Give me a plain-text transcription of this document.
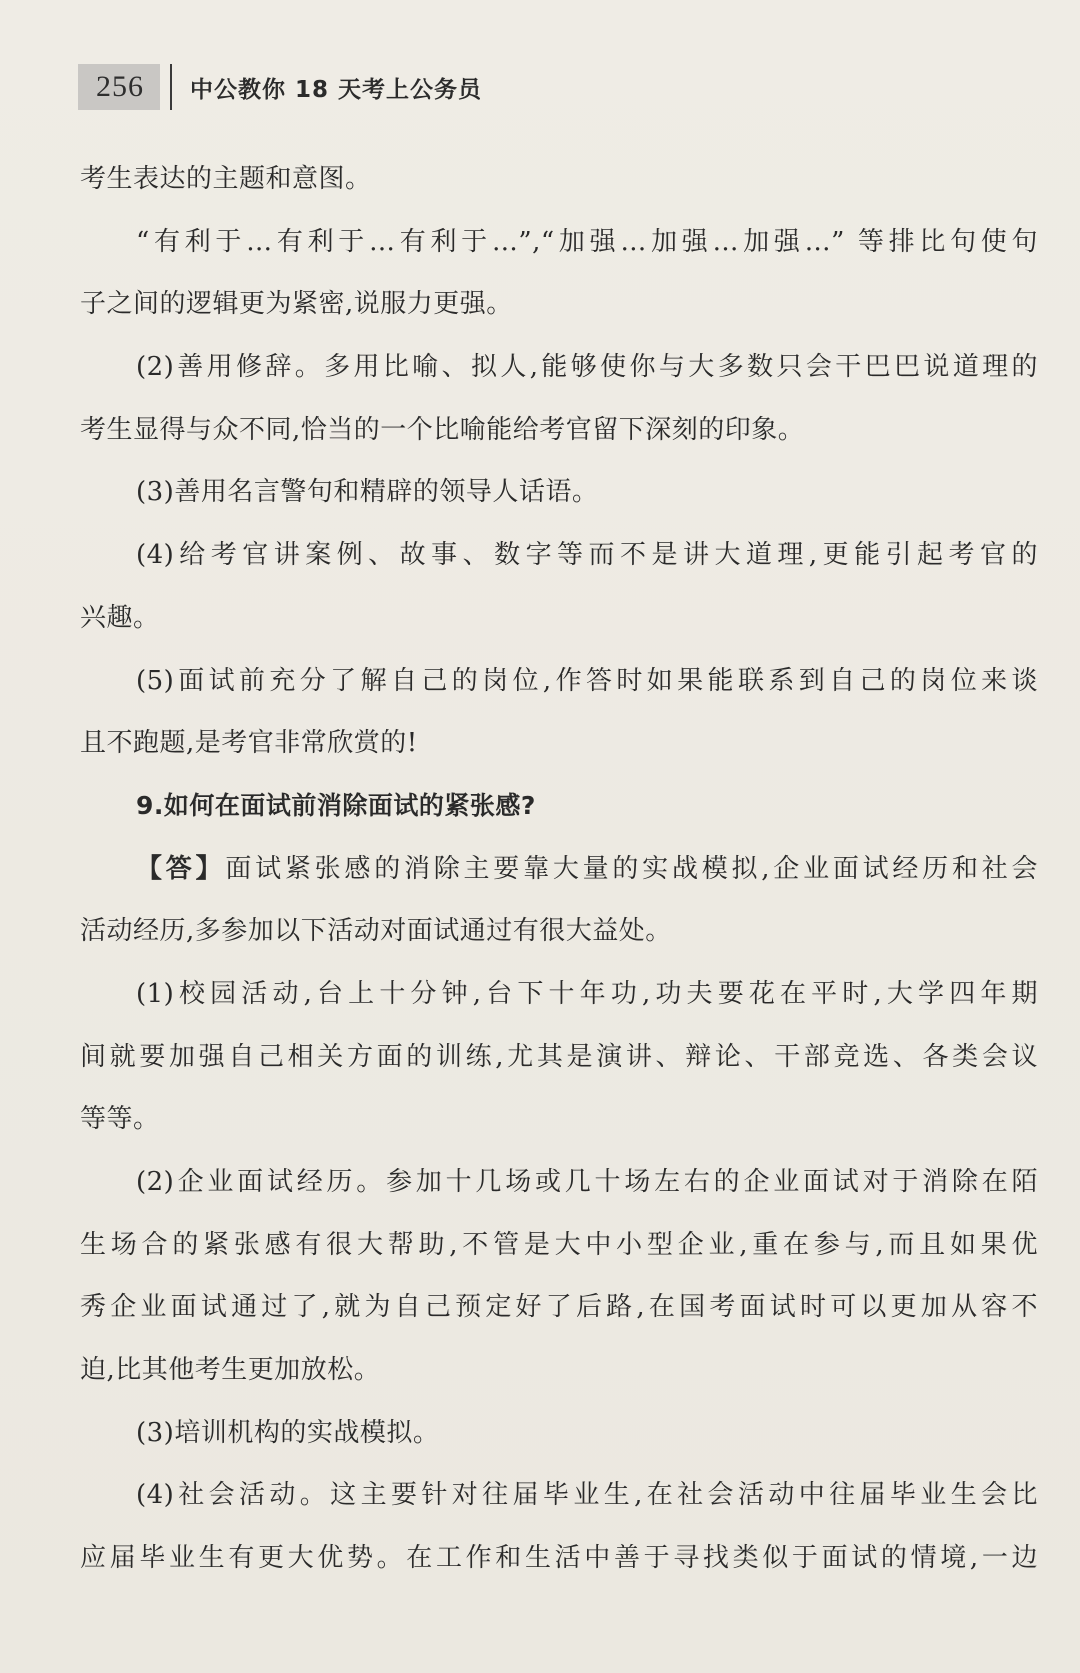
256	中公教你 18 天考上公务员
考生表达的主题和意图。
“有利于…有利于…有利于…”,“加强…加强…加强…” 等排比句使句
子之间的逻辑更为紧密,说服力更强。
(2)善用修辞。多用比喻、拟人,能够使你与大多数只会干巴巴说道理的
考生显得与众不同,恰当的一个比喻能给考官留下深刻的印象。
(3)善用名言警句和精辟的领导人话语。
(4)给考官讲案例、故事、数字等而不是讲大道理,更能引起考官的
兴趣。
(5)面试前充分了解自己的岗位,作答时如果能联系到自己的岗位来谈
且不跑题,是考官非常欣赏的!
9.如何在面试前消除面试的紧张感?
【答】面试紧张感的消除主要靠大量的实战模拟,企业面试经历和社会
活动经历,多参加以下活动对面试通过有很大益处。
(1)校园活动,台上十分钟,台下十年功,功夫要花在平时,大学四年期
间就要加强自己相关方面的训练,尤其是演讲、辩论、干部竞选、各类会议
等等。
(2)企业面试经历。参加十几场或几十场左右的企业面试对于消除在陌
生场合的紧张感有很大帮助,不管是大中小型企业,重在参与,而且如果优
秀企业面试通过了,就为自己预定好了后路,在国考面试时可以更加从容不
迫,比其他考生更加放松。
(3)培训机构的实战模拟。
(4)社会活动。这主要针对往届毕业生,在社会活动中往届毕业生会比
应届毕业生有更大优势。在工作和生活中善于寻找类似于面试的情境,一边
